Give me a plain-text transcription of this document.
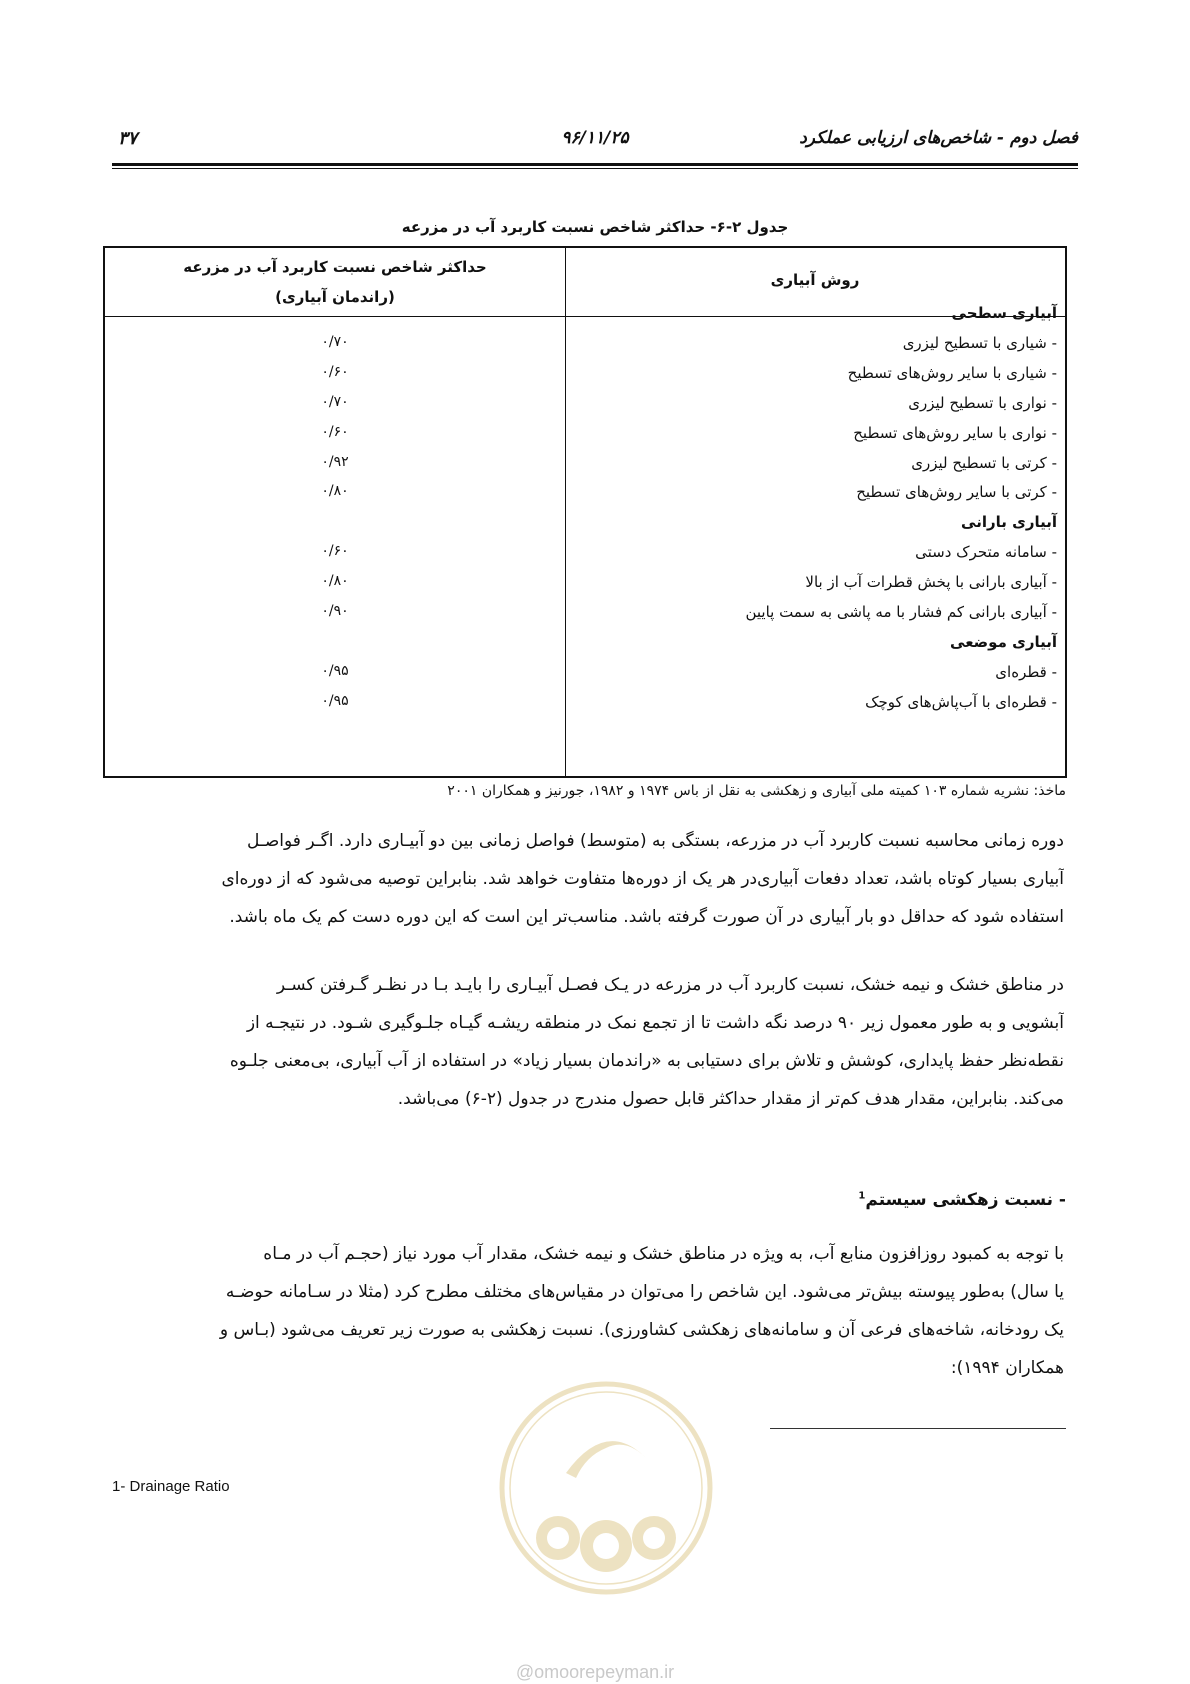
فصل دوم - شاخص‌های ارزیابی عملکرد
۹۶/۱۱/۲۵
۳۷
جدول ۲-۶- حداکثر شاخص نسبت کاربرد آب در مزرعه
روش آبیاری
حداکثر شاخص نسبت کاربرد آب در مزرعه
(راندمان آبیاری)
آبیاری سطحی
- شیاری با تسطیح لیزری
۰/۷۰
- شیاری با سایر روش‌های تسطیح
۰/۶۰
- نواری با تسطیح لیزری
۰/۷۰
- نواری با سایر روش‌های تسطیح
۰/۶۰
- کرتی با تسطیح لیزری
۰/۹۲
- کرتی با سایر روش‌های تسطیح
۰/۸۰
آبیاری بارانی
- سامانه متحرک دستی
۰/۶۰
- آبیاری بارانی با پخش قطرات آب از بالا
۰/۸۰
- آبیاری بارانی کم فشار با مه پاشی به سمت پایین
۰/۹۰
آبیاری موضعی
- قطره‌ای
۰/۹۵
- قطره‌ای با آب‌پاش‌های کوچک
۰/۹۵
ماخذ: نشریه شماره ۱۰۳ کمیته ملی آبیاری و زهکشی به نقل از باس ۱۹۷۴ و ۱۹۸۲، جورنیز و همکاران ۲۰۰۱
دوره زمانی محاسبه نسبت کاربرد آب در مزرعه، بستگی به (متوسط) فواصل زمانی بین دو آبیـاری دارد. اگـر فواصـل
آبیاری بسیار کوتاه باشد، تعداد دفعات آبیاری‌در هر یک از دوره‌ها متفاوت خواهد شد. بنابراین توصیه می‌شود که از دوره‌ای
استفاده شود که حداقل دو بار آبیاری در آن صورت گرفته باشد. مناسب‌تر این است که این دوره دست کم یک ماه باشد.
در مناطق خشک و نیمه خشک، نسبت کاربرد آب در مزرعه در یـک فصـل آبیـاری را بایـد بـا در نظـر گـرفتن کسـر
آبشویی و به طور معمول زیر ۹۰ درصد نگه داشت تا از تجمع نمک در منطقه ریشـه گیـاه جلـوگیری شـود. در نتیجـه از
نقطه‌نظر حفظ پایداری، کوشش و تلاش برای دستیابی به «راندمان بسیار زیاد» در استفاده از آب آبیاری، بی‌معنی جلـوه
می‌کند. بنابراین، مقدار هدف کم‌تر از مقدار حداکثر قابل حصول مندرج در جدول (۲-۶) می‌باشد.
- نسبت زهکشی سیستم$^1$
با توجه به کمبود روزافزون منابع آب، به ویژه در مناطق خشک و نیمه خشک، مقدار آب مورد نیاز (حجـم آب در مـاه
یا سال) به‌طور پیوسته بیش‌تر می‌شود. این شاخص را می‌توان در مقیاس‌های مختلف مطرح کرد (مثلا در سـامانه حوضـه
یک رودخانه، شاخه‌های فرعی آن و سامانه‌های زهکشی کشاورزی). نسبت زهکشی به صورت زیر تعریف می‌شود (بـاس و
همکاران ۱۹۹۴):
1- Drainage Ratio
@omoorepeyman.ir
